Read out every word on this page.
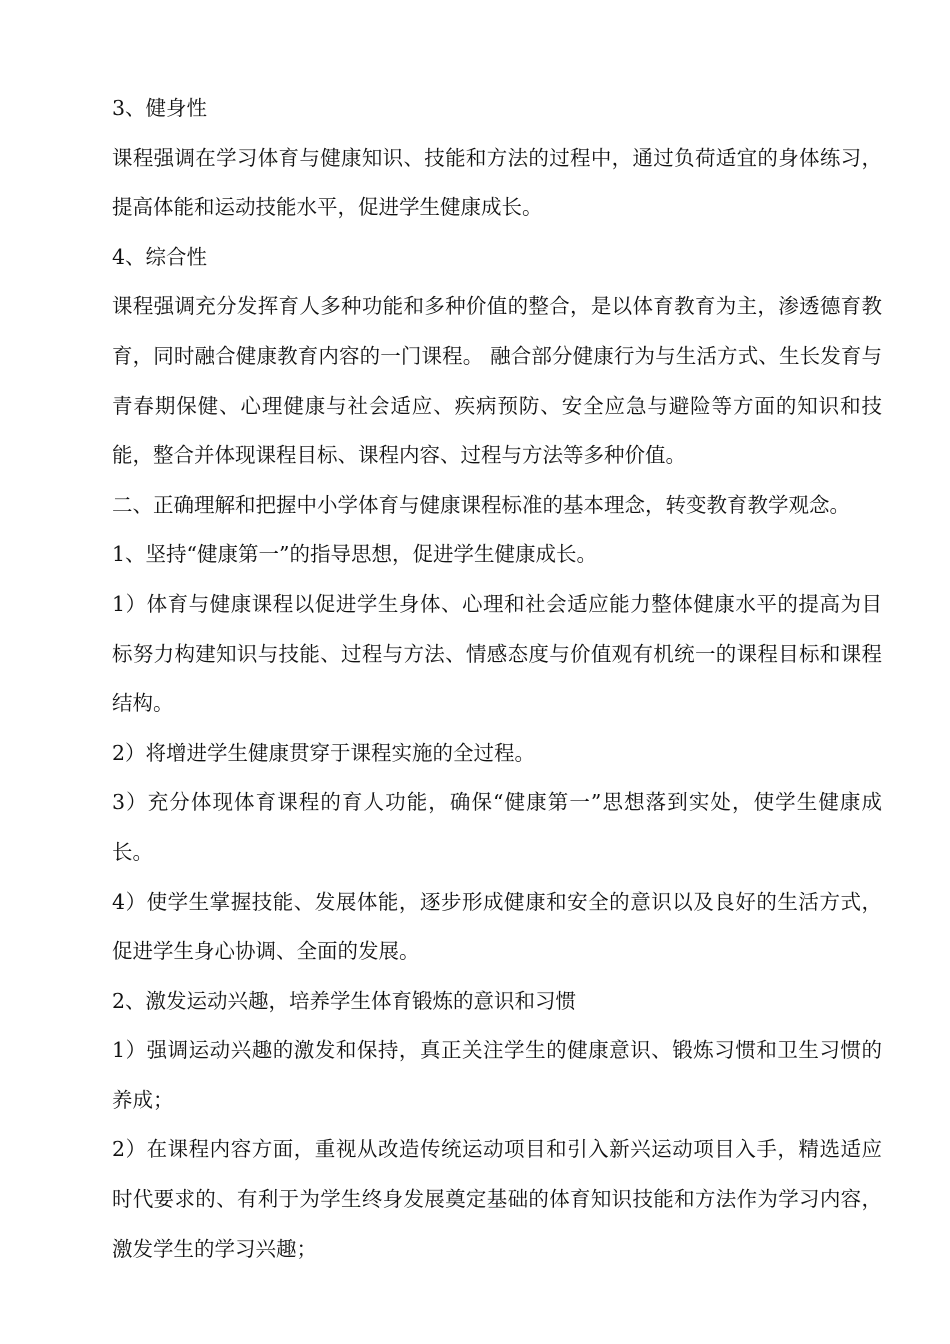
3、健身性

课程强调在学习体育与健康知识、技能和方法的过程中，通过负荷适宜的身体练习，提高体能和运动技能水平，促进学生健康成长。

4、综合性

课程强调充分发挥育人多种功能和多种价值的整合，是以体育教育为主，渗透德育教育，同时融合健康教育内容的一门课程。 融合部分健康行为与生活方式、生长发育与青春期保健、心理健康与社会适应、疾病预防、安全应急与避险等方面的知识和技能，整合并体现课程目标、课程内容、过程与方法等多种价值。

二、正确理解和把握中小学体育与健康课程标准的基本理念，转变教育教学观念。

1、坚持“健康第一”的指导思想，促进学生健康成长。

1）体育与健康课程以促进学生身体、心理和社会适应能力整体健康水平的提高为目标努力构建知识与技能、过程与方法、情感态度与价值观有机统一的课程目标和课程结构。

2）将增进学生健康贯穿于课程实施的全过程。

3）充分体现体育课程的育人功能，确保“健康第一”思想落到实处，使学生健康成长。

4）使学生掌握技能、发展体能，逐步形成健康和安全的意识以及良好的生活方式，促进学生身心协调、全面的发展。

2、激发运动兴趣，培养学生体育锻炼的意识和习惯

1）强调运动兴趣的激发和保持，真正关注学生的健康意识、锻炼习惯和卫生习惯的养成；

2）在课程内容方面，重视从改造传统运动项目和引入新兴运动项目入手，精选适应时代要求的、有利于为学生终身发展奠定基础的体育知识技能和方法作为学习内容，激发学生的学习兴趣；
